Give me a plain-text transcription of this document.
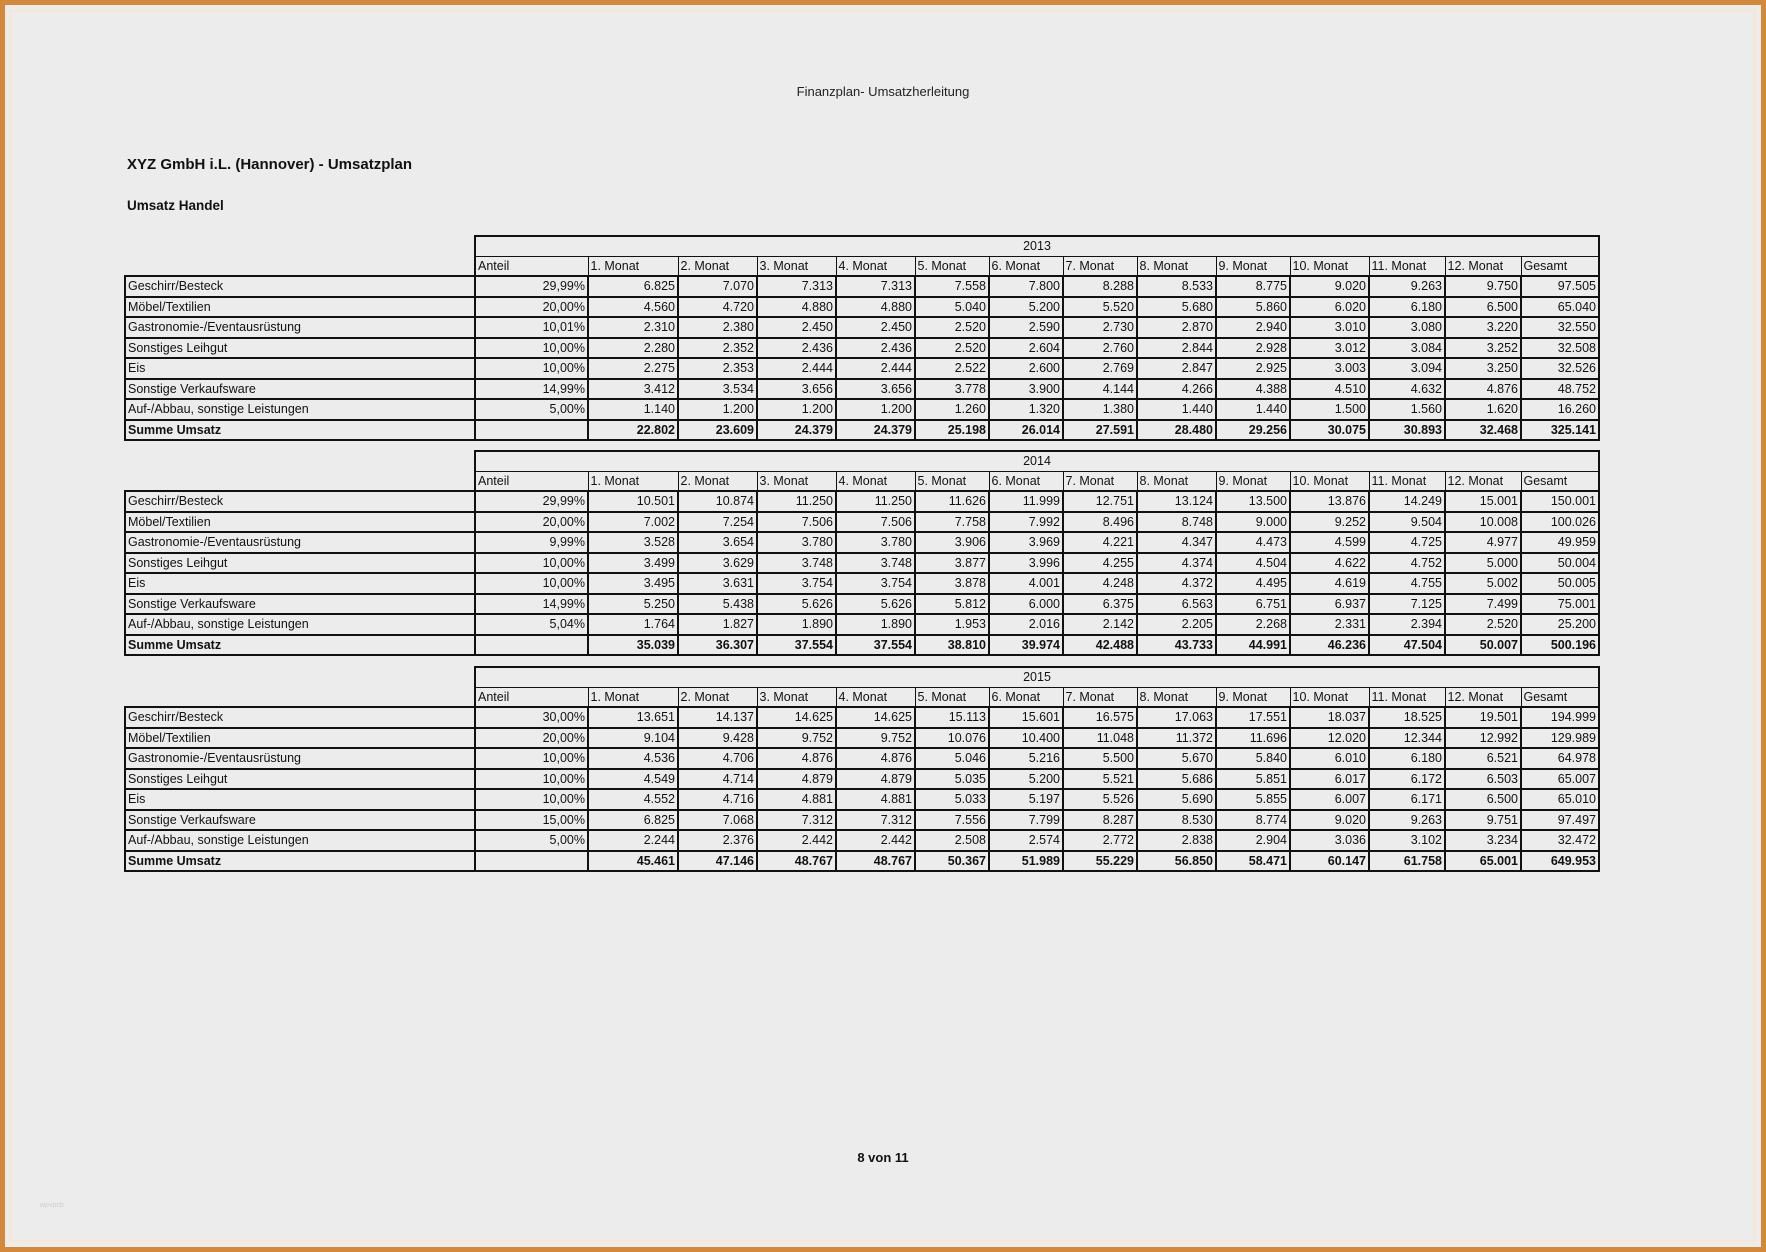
Finanzplan- Umsatzherleitung
XYZ GmbH i.L. (Hannover) - Umsatzplan
Umsatz Handel
	2013													
	Anteil	1. Monat	2. Monat	3. Monat	4. Monat	5. Monat	6. Monat	7. Monat	8. Monat	9. Monat	10. Monat	11. Monat	12. Monat	Gesamt
Geschirr/Besteck	29,99%	6.825	7.070	7.313	7.313	7.558	7.800	8.288	8.533	8.775	9.020	9.263	9.750	97.505
Möbel/Textilien	20,00%	4.560	4.720	4.880	4.880	5.040	5.200	5.520	5.680	5.860	6.020	6.180	6.500	65.040
Gastronomie-/Eventausrüstung	10,01%	2.310	2.380	2.450	2.450	2.520	2.590	2.730	2.870	2.940	3.010	3.080	3.220	32.550
Sonstiges Leihgut	10,00%	2.280	2.352	2.436	2.436	2.520	2.604	2.760	2.844	2.928	3.012	3.084	3.252	32.508
Eis	10,00%	2.275	2.353	2.444	2.444	2.522	2.600	2.769	2.847	2.925	3.003	3.094	3.250	32.526
Sonstige Verkaufsware	14,99%	3.412	3.534	3.656	3.656	3.778	3.900	4.144	4.266	4.388	4.510	4.632	4.876	48.752
Auf-/Abbau, sonstige Leistungen	5,00%	1.140	1.200	1.200	1.200	1.260	1.320	1.380	1.440	1.440	1.500	1.560	1.620	16.260
Summe Umsatz		22.802	23.609	24.379	24.379	25.198	26.014	27.591	28.480	29.256	30.075	30.893	32.468	325.141
	2014													
	Anteil	1. Monat	2. Monat	3. Monat	4. Monat	5. Monat	6. Monat	7. Monat	8. Monat	9. Monat	10. Monat	11. Monat	12. Monat	Gesamt
Geschirr/Besteck	29,99%	10.501	10.874	11.250	11.250	11.626	11.999	12.751	13.124	13.500	13.876	14.249	15.001	150.001
Möbel/Textilien	20,00%	7.002	7.254	7.506	7.506	7.758	7.992	8.496	8.748	9.000	9.252	9.504	10.008	100.026
Gastronomie-/Eventausrüstung	9,99%	3.528	3.654	3.780	3.780	3.906	3.969	4.221	4.347	4.473	4.599	4.725	4.977	49.959
Sonstiges Leihgut	10,00%	3.499	3.629	3.748	3.748	3.877	3.996	4.255	4.374	4.504	4.622	4.752	5.000	50.004
Eis	10,00%	3.495	3.631	3.754	3.754	3.878	4.001	4.248	4.372	4.495	4.619	4.755	5.002	50.005
Sonstige Verkaufsware	14,99%	5.250	5.438	5.626	5.626	5.812	6.000	6.375	6.563	6.751	6.937	7.125	7.499	75.001
Auf-/Abbau, sonstige Leistungen	5,04%	1.764	1.827	1.890	1.890	1.953	2.016	2.142	2.205	2.268	2.331	2.394	2.520	25.200
Summe Umsatz		35.039	36.307	37.554	37.554	38.810	39.974	42.488	43.733	44.991	46.236	47.504	50.007	500.196
	2015													
	Anteil	1. Monat	2. Monat	3. Monat	4. Monat	5. Monat	6. Monat	7. Monat	8. Monat	9. Monat	10. Monat	11. Monat	12. Monat	Gesamt
Geschirr/Besteck	30,00%	13.651	14.137	14.625	14.625	15.113	15.601	16.575	17.063	17.551	18.037	18.525	19.501	194.999
Möbel/Textilien	20,00%	9.104	9.428	9.752	9.752	10.076	10.400	11.048	11.372	11.696	12.020	12.344	12.992	129.989
Gastronomie-/Eventausrüstung	10,00%	4.536	4.706	4.876	4.876	5.046	5.216	5.500	5.670	5.840	6.010	6.180	6.521	64.978
Sonstiges Leihgut	10,00%	4.549	4.714	4.879	4.879	5.035	5.200	5.521	5.686	5.851	6.017	6.172	6.503	65.007
Eis	10,00%	4.552	4.716	4.881	4.881	5.033	5.197	5.526	5.690	5.855	6.007	6.171	6.500	65.010
Sonstige Verkaufsware	15,00%	6.825	7.068	7.312	7.312	7.556	7.799	8.287	8.530	8.774	9.020	9.263	9.751	97.497
Auf-/Abbau, sonstige Leistungen	5,00%	2.244	2.376	2.442	2.442	2.508	2.574	2.772	2.838	2.904	3.036	3.102	3.234	32.472
Summe Umsatz		45.461	47.146	48.767	48.767	50.367	51.989	55.229	56.850	58.471	60.147	61.758	65.001	649.953
8 von 11
wpvpcb
